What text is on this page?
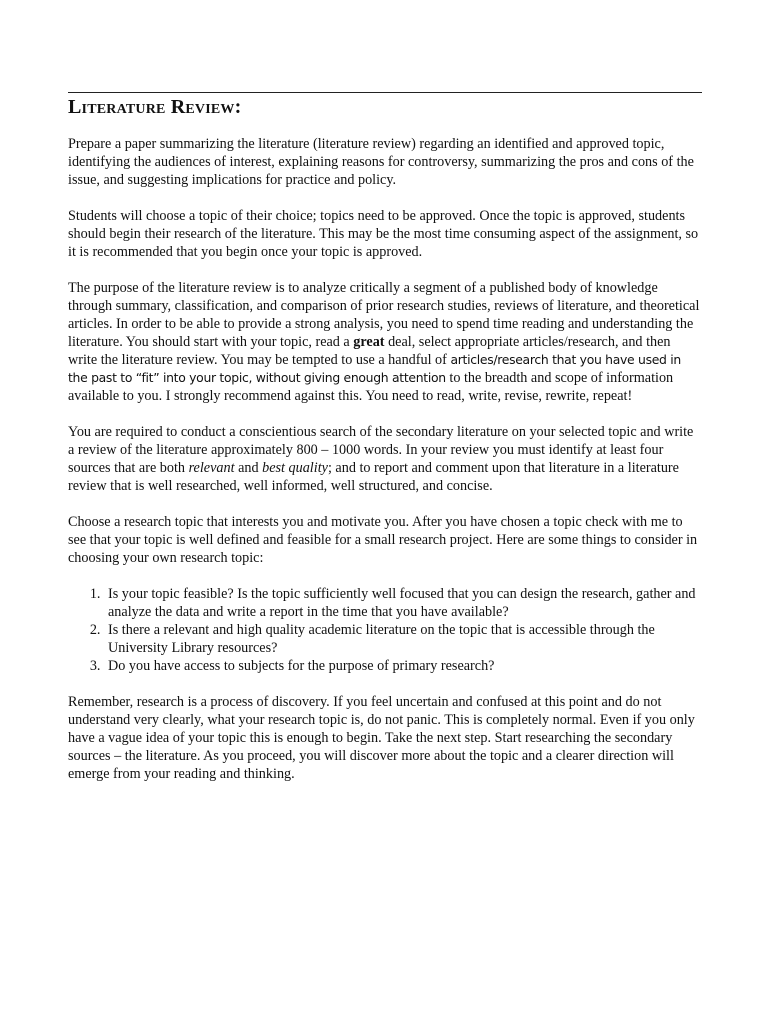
Literature Review:

Prepare a paper summarizing the literature (literature review) regarding an identified and approved topic, identifying the audiences of interest, explaining reasons for controversy, summarizing the pros and cons of the issue, and suggesting implications for practice and policy.

Students will choose a topic of their choice; topics need to be approved. Once the topic is approved, students should begin their research of the literature. This may be the most time consuming aspect of the assignment, so it is recommended that you begin once your topic is approved.

The purpose of the literature review is to analyze critically a segment of a published body of knowledge through summary, classification, and comparison of prior research studies, reviews of literature, and theoretical articles. In order to be able to provide a strong analysis, you need to spend time reading and understanding the literature. You should start with your topic, read a great deal, select appropriate articles/research, and then write the literature review. You may be tempted to use a handful of articles/research that you have used in the past to “fit” into your topic, without giving enough attention to the breadth and scope of information available to you. I strongly recommend against this. You need to read, write, revise, rewrite, repeat!

You are required to conduct a conscientious search of the secondary literature on your selected topic and write a review of the literature approximately 800 – 1000 words. In your review you must identify at least four sources that are both relevant and best quality; and to report and comment upon that literature in a literature review that is well researched, well informed, well structured, and concise.

Choose a research topic that interests you and motivate you. After you have chosen a topic check with me to see that your topic is well defined and feasible for a small research project. Here are some things to consider in choosing your own research topic:

1. Is your topic feasible? Is the topic sufficiently well focused that you can design the research, gather and analyze the data and write a report in the time that you have available?
2. Is there a relevant and high quality academic literature on the topic that is accessible through the University Library resources?
3. Do you have access to subjects for the purpose of primary research?

Remember, research is a process of discovery. If you feel uncertain and confused at this point and do not understand very clearly, what your research topic is, do not panic. This is completely normal. Even if you only have a vague idea of your topic this is enough to begin. Take the next step. Start researching the secondary sources – the literature. As you proceed, you will discover more about the topic and a clearer direction will emerge from your reading and thinking.
